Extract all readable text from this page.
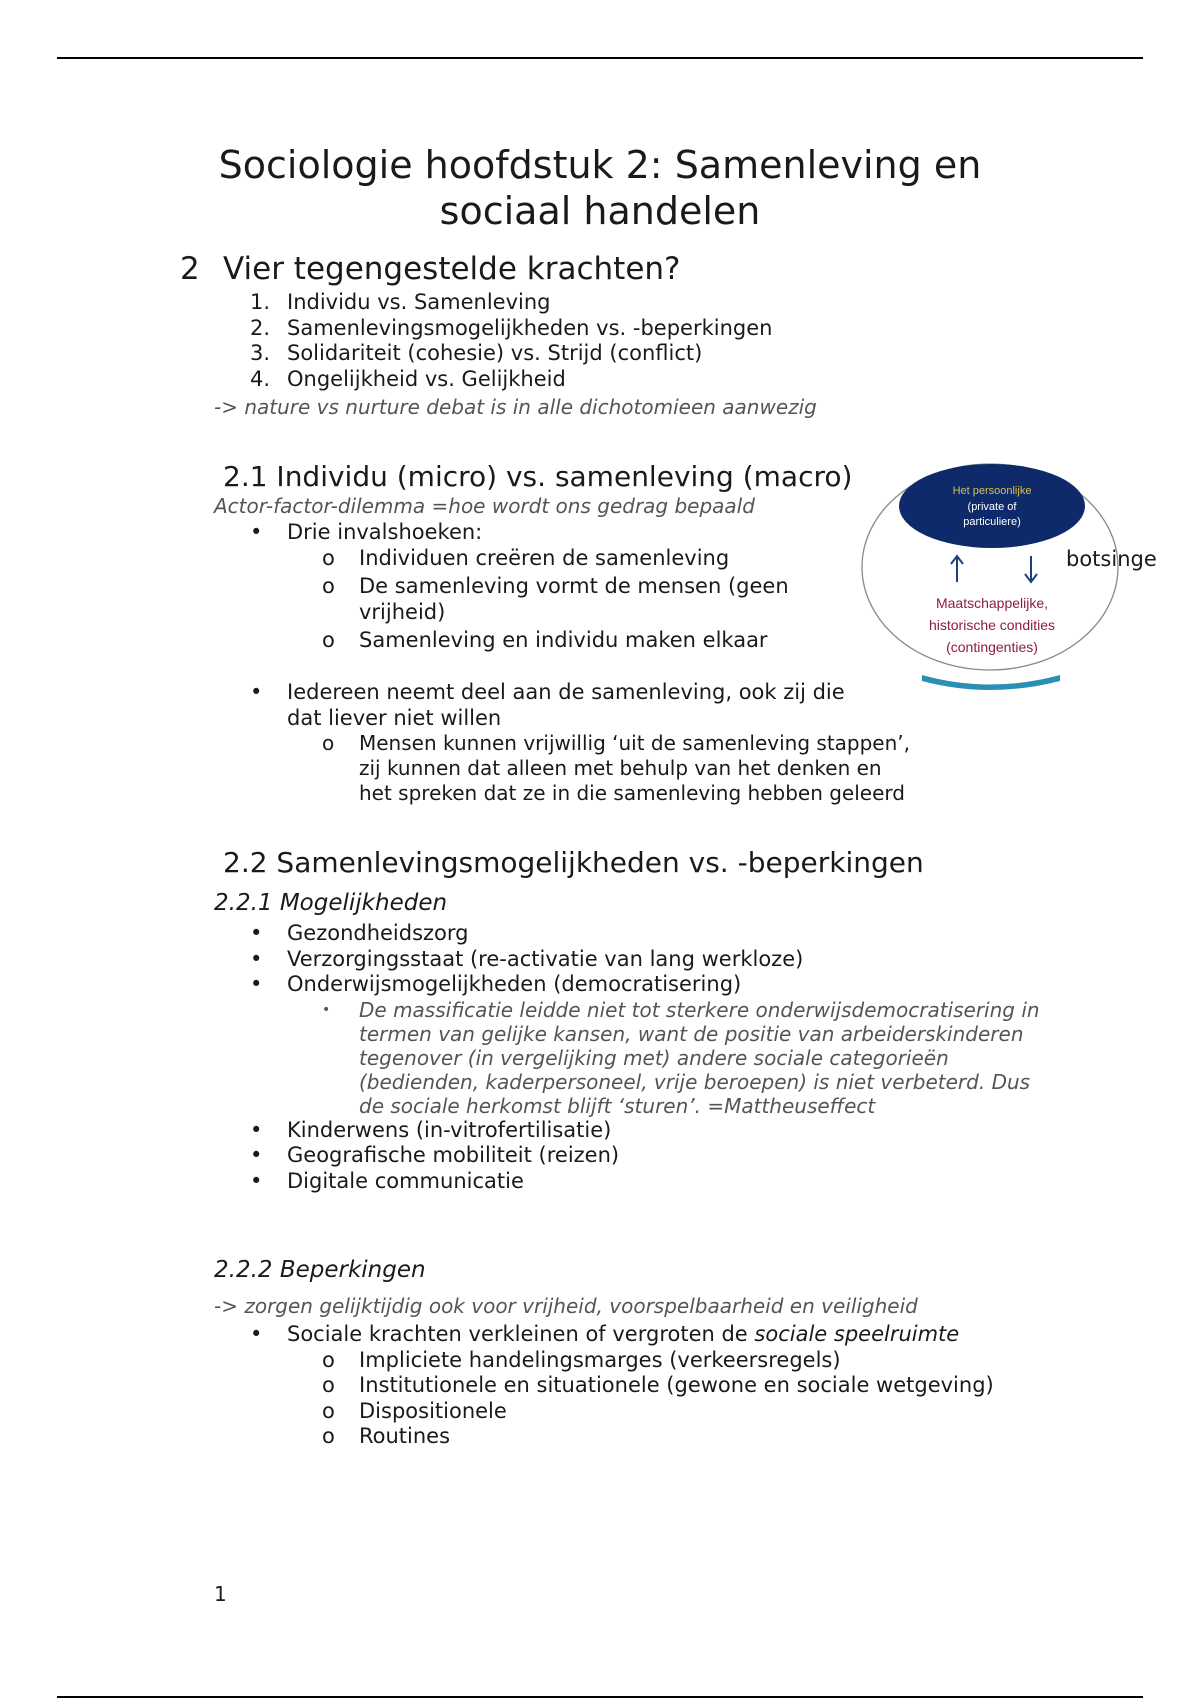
Sociologie hoofdstuk 2: Samenleving en sociaal handelen
2 Vier tegengestelde krachten?
1. Individu vs. Samenleving
2. Samenlevingsmogelijkheden vs. -beperkingen
3. Solidariteit (cohesie) vs. Strijd (conflict)
4. Ongelijkheid vs. Gelijkheid
-> nature vs nurture debat is in alle dichotomieen aanwezig
2.1 Individu (micro) vs. samenleving (macro)
Actor-factor-dilemma =hoe wordt ons gedrag bepaald
• Drie invalshoeken:
o Individuen creëren de samenleving
o De samenleving vormt de mensen (geen vrijheid)
o Samenleving en individu maken elkaar
• Iedereen neemt deel aan de samenleving, ook zij die dat liever niet willen
o Mensen kunnen vrijwillig ‘uit de samenleving stappen’, zij kunnen dat alleen met behulp van het denken en het spreken dat ze in die samenleving hebben geleerd
Het persoonlijke
(private of
particuliere)
Maatschappelijke,
historische condities
(contingenties)
botsinge
2.2 Samenlevingsmogelijkheden vs. -beperkingen
2.2.1 Mogelijkheden
• Gezondheidszorg
• Verzorgingsstaat (re-activatie van lang werkloze)
• Onderwijsmogelijkheden (democratisering)
• De massificatie leidde niet tot sterkere onderwijsdemocratisering in termen van gelijke kansen, want de positie van arbeiderskinderen tegenover (in vergelijking met) andere sociale categorieën (bedienden, kaderpersoneel, vrije beroepen) is niet verbeterd. Dus de sociale herkomst blijft ‘sturen’. =Mattheuseffect
• Kinderwens (in-vitrofertilisatie)
• Geografische mobiliteit (reizen)
• Digitale communicatie
2.2.2 Beperkingen
-> zorgen gelijktijdig ook voor vrijheid, voorspelbaarheid en veiligheid
• Sociale krachten verkleinen of vergroten de sociale speelruimte
o Impliciete handelingsmarges (verkeersregels)
o Institutionele en situationele (gewone en sociale wetgeving)
o Dispositionele
o Routines
1
